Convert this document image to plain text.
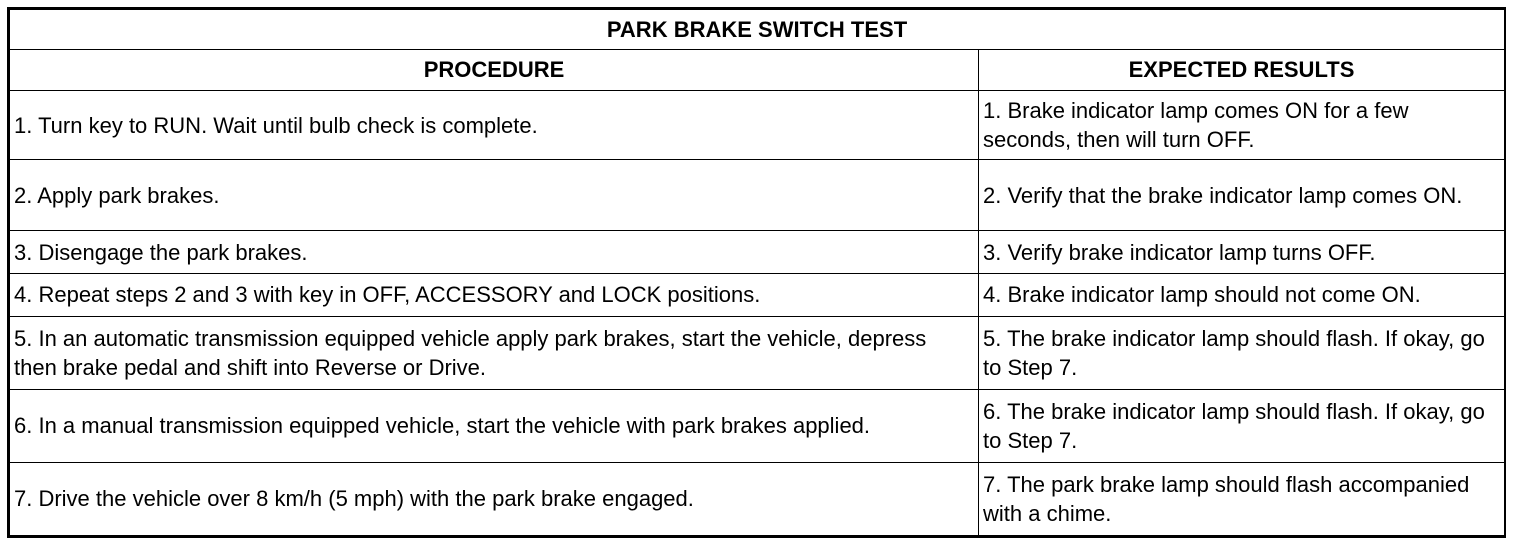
PARK BRAKE SWITCH TEST	
PROCEDURE	EXPECTED RESULTS
1. Turn key to RUN. Wait until bulb check is complete.	1. Brake indicator lamp comes ON for a few seconds, then will turn OFF.
2. Apply park brakes.	2. Verify that the brake indicator lamp comes ON.
3. Disengage the park brakes.	3. Verify brake indicator lamp turns OFF.
4. Repeat steps 2 and 3 with key in OFF, ACCESSORY and LOCK positions.	4. Brake indicator lamp should not come ON.
5. In an automatic transmission equipped vehicle apply park brakes, start the vehicle, depress then brake pedal and shift into Reverse or Drive.	5. The brake indicator lamp should flash. If okay, go to Step 7.
6. In a manual transmission equipped vehicle, start the vehicle with park brakes applied.	6. The brake indicator lamp should flash. If okay, go to Step 7.
7. Drive the vehicle over 8 km/h (5 mph) with the park brake engaged.	7. The park brake lamp should flash accompanied with a chime.
